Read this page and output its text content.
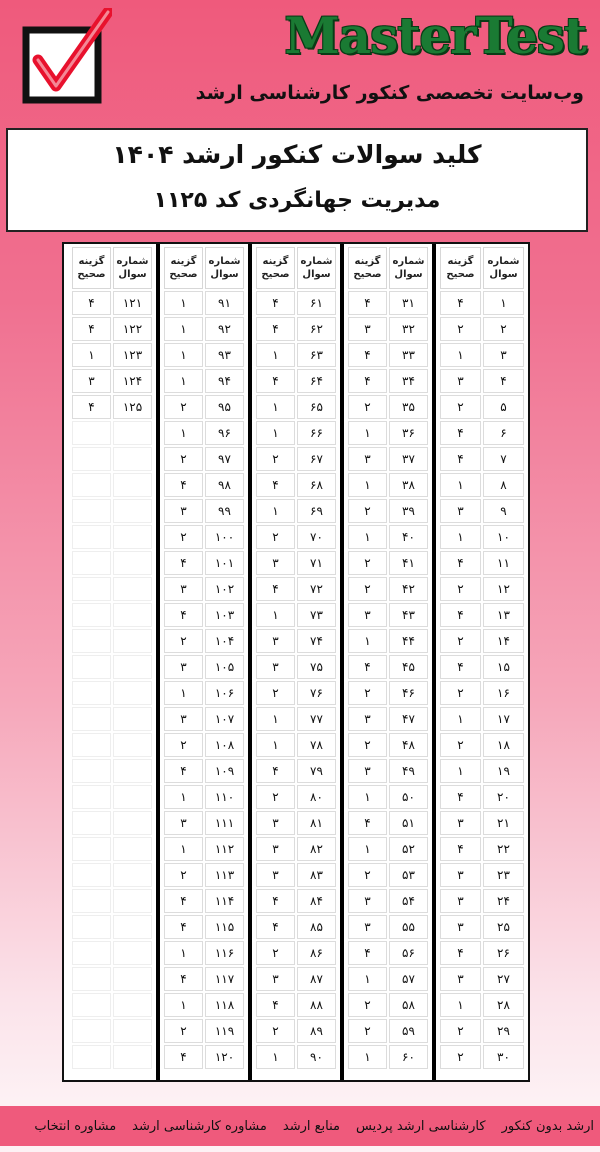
MasterTest
وب‌سایت تخصصی کنکور کارشناسی ارشد
کلید سوالات کنکور ارشد ۱۴۰۴
مدیریت جهانگردی کد ۱۱۲۵
شماره
سوال
گزینه
صحیح
۱
۴
۲
۲
۳
۱
۴
۳
۵
۲
۶
۴
۷
۴
۸
۱
۹
۳
۱۰
۱
۱۱
۴
۱۲
۲
۱۳
۴
۱۴
۲
۱۵
۴
۱۶
۲
۱۷
۱
۱۸
۲
۱۹
۱
۲۰
۴
۲۱
۳
۲۲
۴
۲۳
۳
۲۴
۳
۲۵
۳
۲۶
۴
۲۷
۳
۲۸
۱
۲۹
۲
۳۰
۲
شماره
سوال
گزینه
صحیح
۳۱
۴
۳۲
۳
۳۳
۴
۳۴
۴
۳۵
۲
۳۶
۱
۳۷
۳
۳۸
۱
۳۹
۲
۴۰
۱
۴۱
۲
۴۲
۲
۴۳
۳
۴۴
۱
۴۵
۴
۴۶
۲
۴۷
۳
۴۸
۲
۴۹
۳
۵۰
۱
۵۱
۴
۵۲
۱
۵۳
۲
۵۴
۳
۵۵
۳
۵۶
۴
۵۷
۱
۵۸
۲
۵۹
۲
۶۰
۱
شماره
سوال
گزینه
صحیح
۶۱
۴
۶۲
۴
۶۳
۱
۶۴
۴
۶۵
۱
۶۶
۱
۶۷
۲
۶۸
۴
۶۹
۱
۷۰
۲
۷۱
۳
۷۲
۴
۷۳
۱
۷۴
۳
۷۵
۳
۷۶
۲
۷۷
۱
۷۸
۱
۷۹
۴
۸۰
۲
۸۱
۳
۸۲
۳
۸۳
۳
۸۴
۴
۸۵
۴
۸۶
۲
۸۷
۳
۸۸
۴
۸۹
۲
۹۰
۱
شماره
سوال
گزینه
صحیح
۹۱
۱
۹۲
۱
۹۳
۱
۹۴
۱
۹۵
۲
۹۶
۱
۹۷
۲
۹۸
۴
۹۹
۳
۱۰۰
۲
۱۰۱
۴
۱۰۲
۳
۱۰۳
۴
۱۰۴
۲
۱۰۵
۳
۱۰۶
۱
۱۰۷
۳
۱۰۸
۲
۱۰۹
۴
۱۱۰
۱
۱۱۱
۳
۱۱۲
۱
۱۱۳
۲
۱۱۴
۴
۱۱۵
۴
۱۱۶
۱
۱۱۷
۴
۱۱۸
۱
۱۱۹
۲
۱۲۰
۴
شماره
سوال
گزینه
صحیح
۱۲۱
۴
۱۲۲
۴
۱۲۳
۱
۱۲۴
۳
۱۲۵
۴
ارشد بدون کنکور
کارشناسی ارشد پردیس
منابع ارشد
مشاوره کارشناسی ارشد
مشاوره انتخاب
